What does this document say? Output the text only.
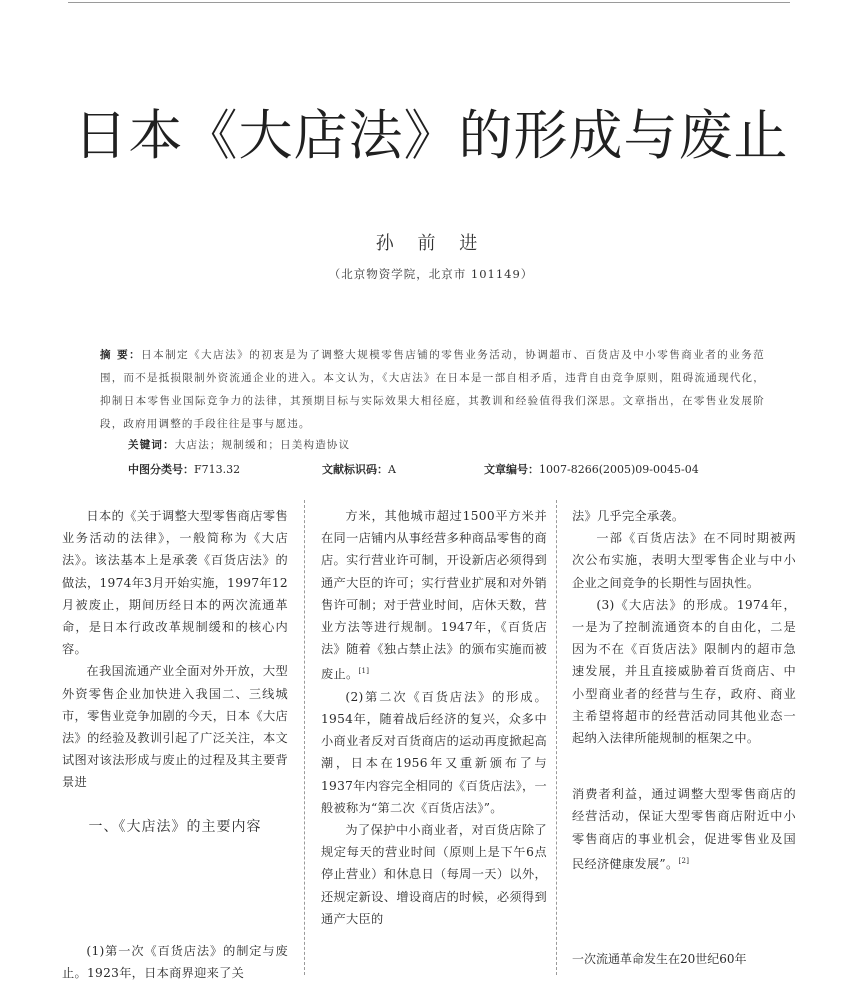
日本《大店法》的形成与废止
孙 前 进
（北京物资学院，北京市 101149）
摘 要：日本制定《大店法》的初衷是为了调整大规模零售店铺的零售业务活动，协调超市、百货店及中小零售商业者的业务范围，而不是抵损限制外资流通企业的进入。本文认为，《大店法》在日本是一部自相矛盾，违背自由竞争原则，阻碍流通现代化，抑制日本零售业国际竞争力的法律，其预期目标与实际效果大相径庭，其教训和经验值得我们深思。文章指出，在零售业发展阶段，政府用调整的手段往往是事与愿违。
关键词：大店法；规制缓和；日美构造协议
中图分类号：F713.32	文献标识码：A	文章编号：1007-8266(2005)09-0045-04

日本的《关于调整大型零售商店零售业务活动的法律》，一般简称为《大店法》。该法基本上是承袭《百货店法》的做法，1974年3月开始实施，1997年12月被废止，期间历经日本的两次流通革命，是日本行政改革规制缓和的核心内容。

在我国流通产业全面对外开放，大型外资零售企业加快进入我国二、三线城市，零售业竞争加剧的今天，日本《大店法》的经验及教训引起了广泛关注，本文试图对该法形成与废止的过程及其主要背景进

一、《大店法》的主要内容

(1)第一次《百货店法》的制定与废止。1923年，日本商界迎来了关

方米，其他城市超过1500平方米并在同一店铺内从事经营多种商品零售的商店。实行营业许可制，开设新店必须得到通产大臣的许可；实行营业扩展和对外销售许可制；对于营业时间，店休天数，营业方法等进行规制。1947年，《百货店法》随着《独占禁止法》的颁布实施而被废止。[1]

(2)第二次《百货店法》的形成。1954年，随着战后经济的复兴，众多中小商业者反对百货商店的运动再度掀起高潮，日本在1956年又重新颁布了与1937年内容完全相同的《百货店法》，一般被称为“第二次《百货店法》”。

为了保护中小商业者，对百货店除了规定每天的营业时间（原则上是下午6点停止营业）和休息日（每周一天）以外，还规定新设、增设商店的时候，必须得到通产大臣的

法》几乎完全承袭。

一部《百货店法》在不同时期被两次公布实施，表明大型零售企业与中小企业之间竞争的长期性与固执性。

(3)《大店法》的形成。1974年，一是为了控制流通资本的自由化，二是因为不在《百货店法》限制内的超市急速发展，并且直接威胁着百货商店、中小型商业者的经营与生存，政府、商业主希望将超市的经营活动同其他业态一起纳入法律所能规制的框架之中。

消费者利益，通过调整大型零售商店的经营活动，保证大型零售商店附近中小零售商店的事业机会，促进零售业及国民经济健康发展”。[2]

一次流通革命发生在20世纪60年
